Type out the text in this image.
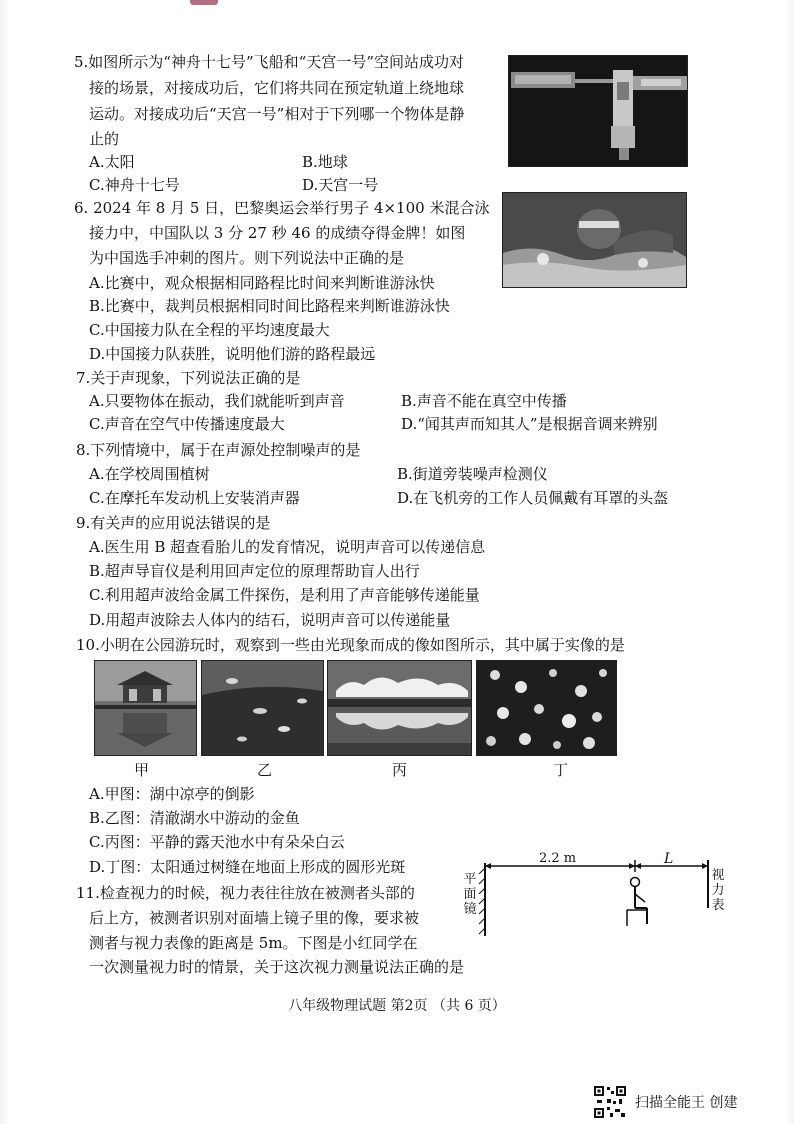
5.如图所示为“神舟十七号”飞船和“天宫一号”空间站成功对
接的场景，对接成功后，它们将共同在预定轨道上绕地球
运动。对接成功后“天宫一号”相对于下列哪一个物体是静
止的
A.太阳	B.地球
C.神舟十七号	D.天宫一号
6. 2024 年 8 月 5 日，巴黎奥运会举行男子 4×100 米混合泳
接力中，中国队以 3 分 27 秒 46 的成绩夺得金牌！如图
为中国选手冲刺的图片。则下列说法中正确的是
A.比赛中，观众根据相同路程比时间来判断谁游泳快
B.比赛中，裁判员根据相同时间比路程来判断谁游泳快
C.中国接力队在全程的平均速度最大
D.中国接力队获胜，说明他们游的路程最远
7.关于声现象，下列说法正确的是
A.只要物体在振动，我们就能听到声音	B.声音不能在真空中传播
C.声音在空气中传播速度最大	D.“闻其声而知其人”是根据音调来辨别
8.下列情境中，属于在声源处控制噪声的是
A.在学校周围植树	B.街道旁装噪声检测仪
C.在摩托车发动机上安装消声器	D.在飞机旁的工作人员佩戴有耳罩的头盔
9.有关声的应用说法错误的是
A.医生用 B 超查看胎儿的发育情况，说明声音可以传递信息
B.超声导盲仪是利用回声定位的原理帮助盲人出行
C.利用超声波给金属工件探伤，是利用了声音能够传递能量
D.用超声波除去人体内的结石，说明声音可以传递能量
10.小明在公园游玩时，观察到一些由光现象而成的像如图所示，其中属于实像的是
甲	乙	丙	丁
A.甲图：湖中凉亭的倒影
B.乙图：清澈湖水中游动的金鱼
C.丙图：平静的露天池水中有朵朵白云
D.丁图：太阳通过树缝在地面上形成的圆形光斑
11.检查视力的时候，视力表往往放在被测者头部的
后上方，被测者识别对面墙上镜子里的像，要求被
测者与视力表像的距离是 5m。下图是小红同学在
一次测量视力时的情景，关于这次视力测量说法正确的是
2.2 m	L
平
面
镜
视
力
表
八年级物理试题 第2页 （共 6 页）
扫描全能王 创建
